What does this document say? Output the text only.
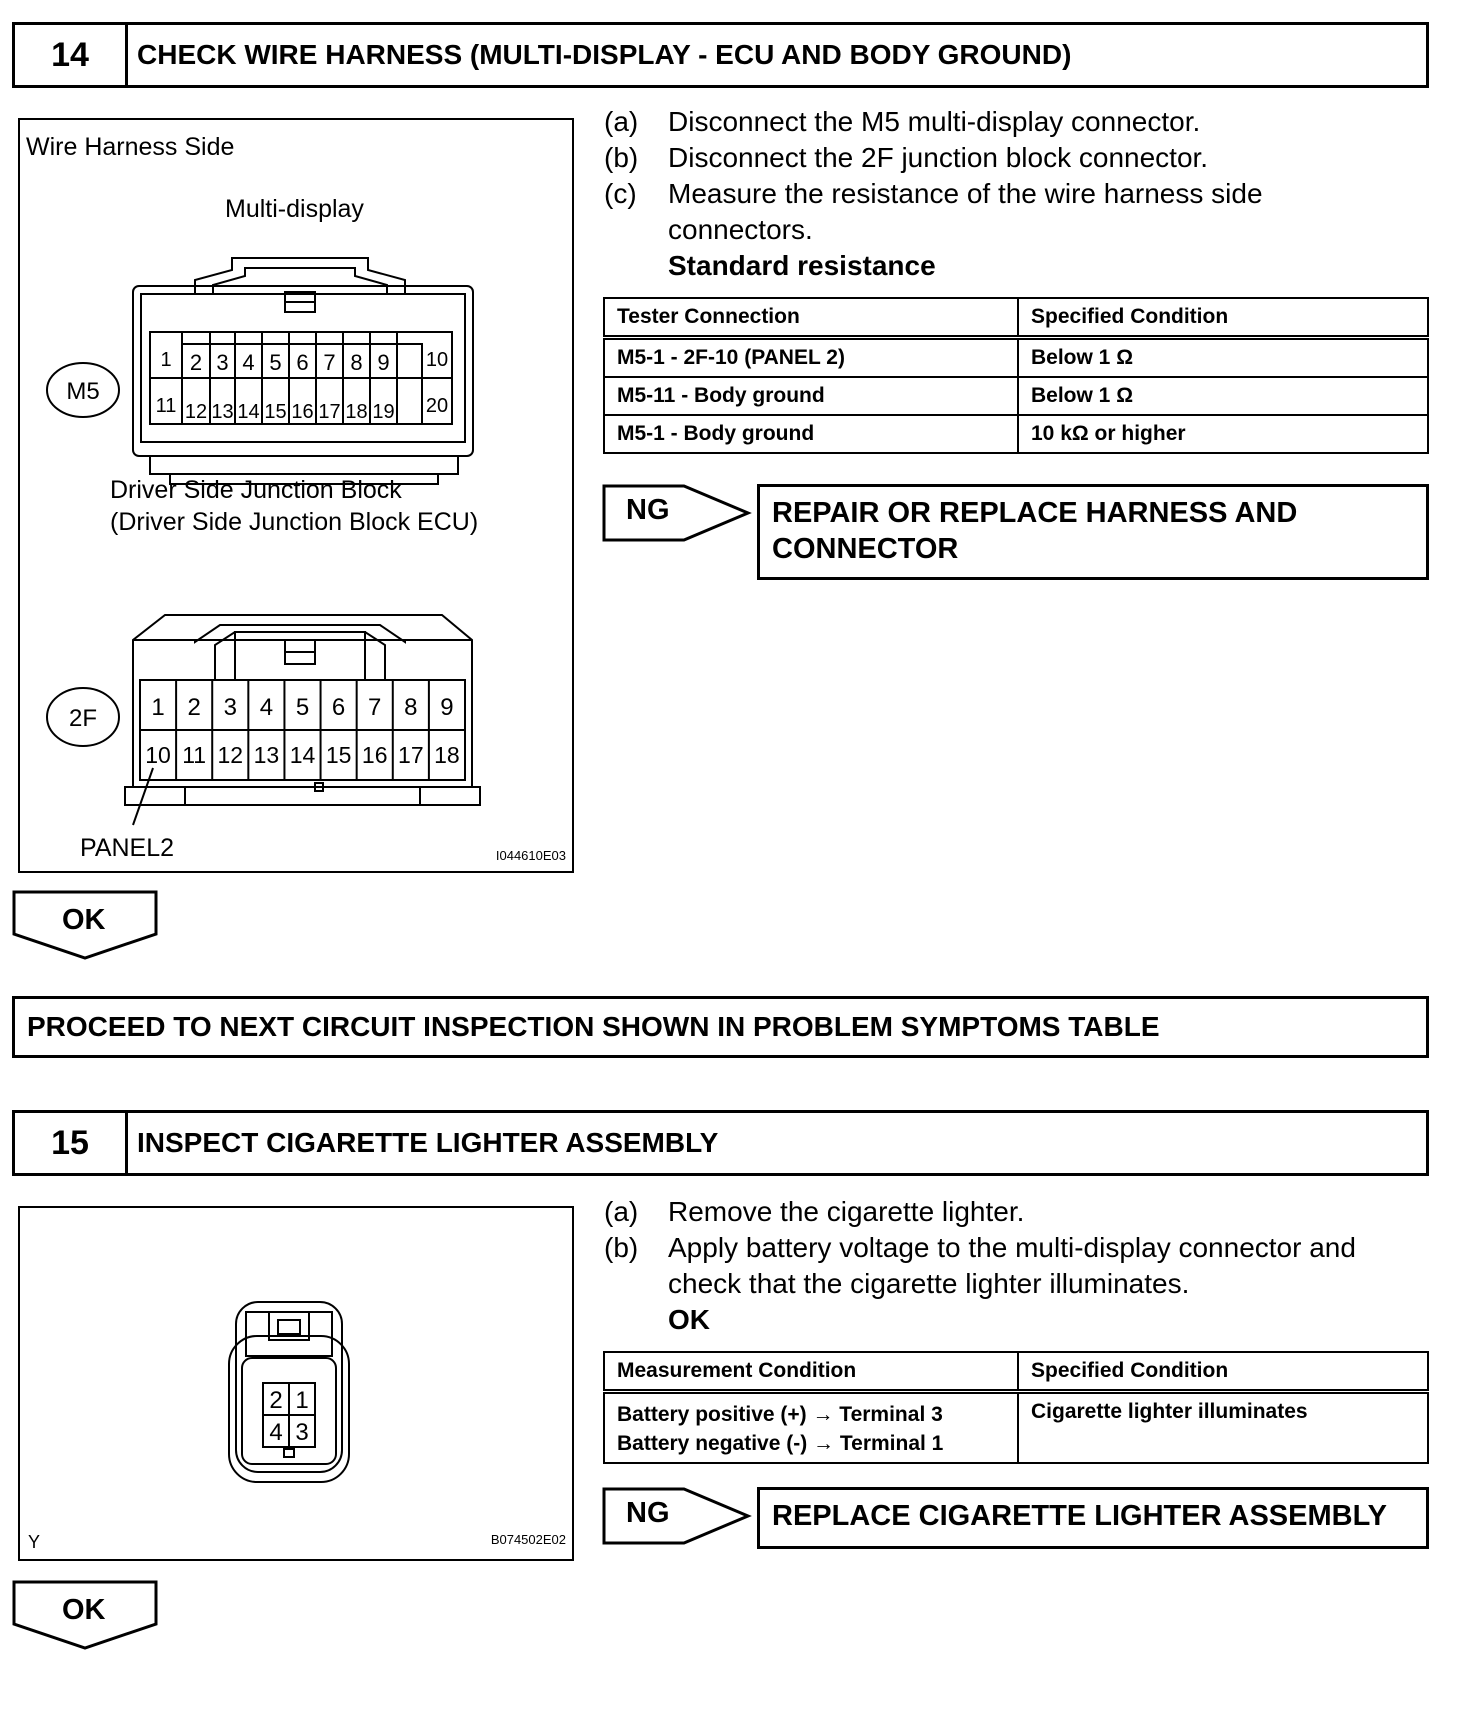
14	CHECK WIRE HARNESS (MULTI-DISPLAY - ECU AND BODY GROUND)
Wire Harness Side
Multi-display
M5
1
11
2
12
3
13
4
14
5
15
6
16
7
17
8
18
9
19
10
20
Driver Side Junction Block
(Driver Side Junction Block ECU)
2F 1
10
2
11
3
12
4
13
5
14
6
15
7
16
8
17
9
18
PANEL2	I044610E03
(a) Disconnect the M5 multi-display connector.
(b) Disconnect the 2F junction block connector.
(c) Measure the resistance of the wire harness side
connectors.
Standard resistance
Tester Connection	Specified Condition
M5-1 - 2F-10 (PANEL 2)	Below 1 Ω
M5-11 - Body ground	Below 1 Ω
M5-1 - Body ground	10 kΩ or higher
NG	REPAIR OR REPLACE HARNESS AND
CONNECTOR
OK
PROCEED TO NEXT CIRCUIT INSPECTION SHOWN IN PROBLEM SYMPTOMS TABLE
15	INSPECT CIGARETTE LIGHTER ASSEMBLY
2 1
4 3
Y	B074502E02
(a) Remove the cigarette lighter.
(b) Apply battery voltage to the multi-display connector and
check that the cigarette lighter illuminates.
OK
Measurement Condition	Specified Condition

Battery positive (+) → Terminal 3
Battery negative (-) → Terminal 1	Cigarette lighter illuminates
NG	REPLACE CIGARETTE LIGHTER ASSEMBLY
OK
